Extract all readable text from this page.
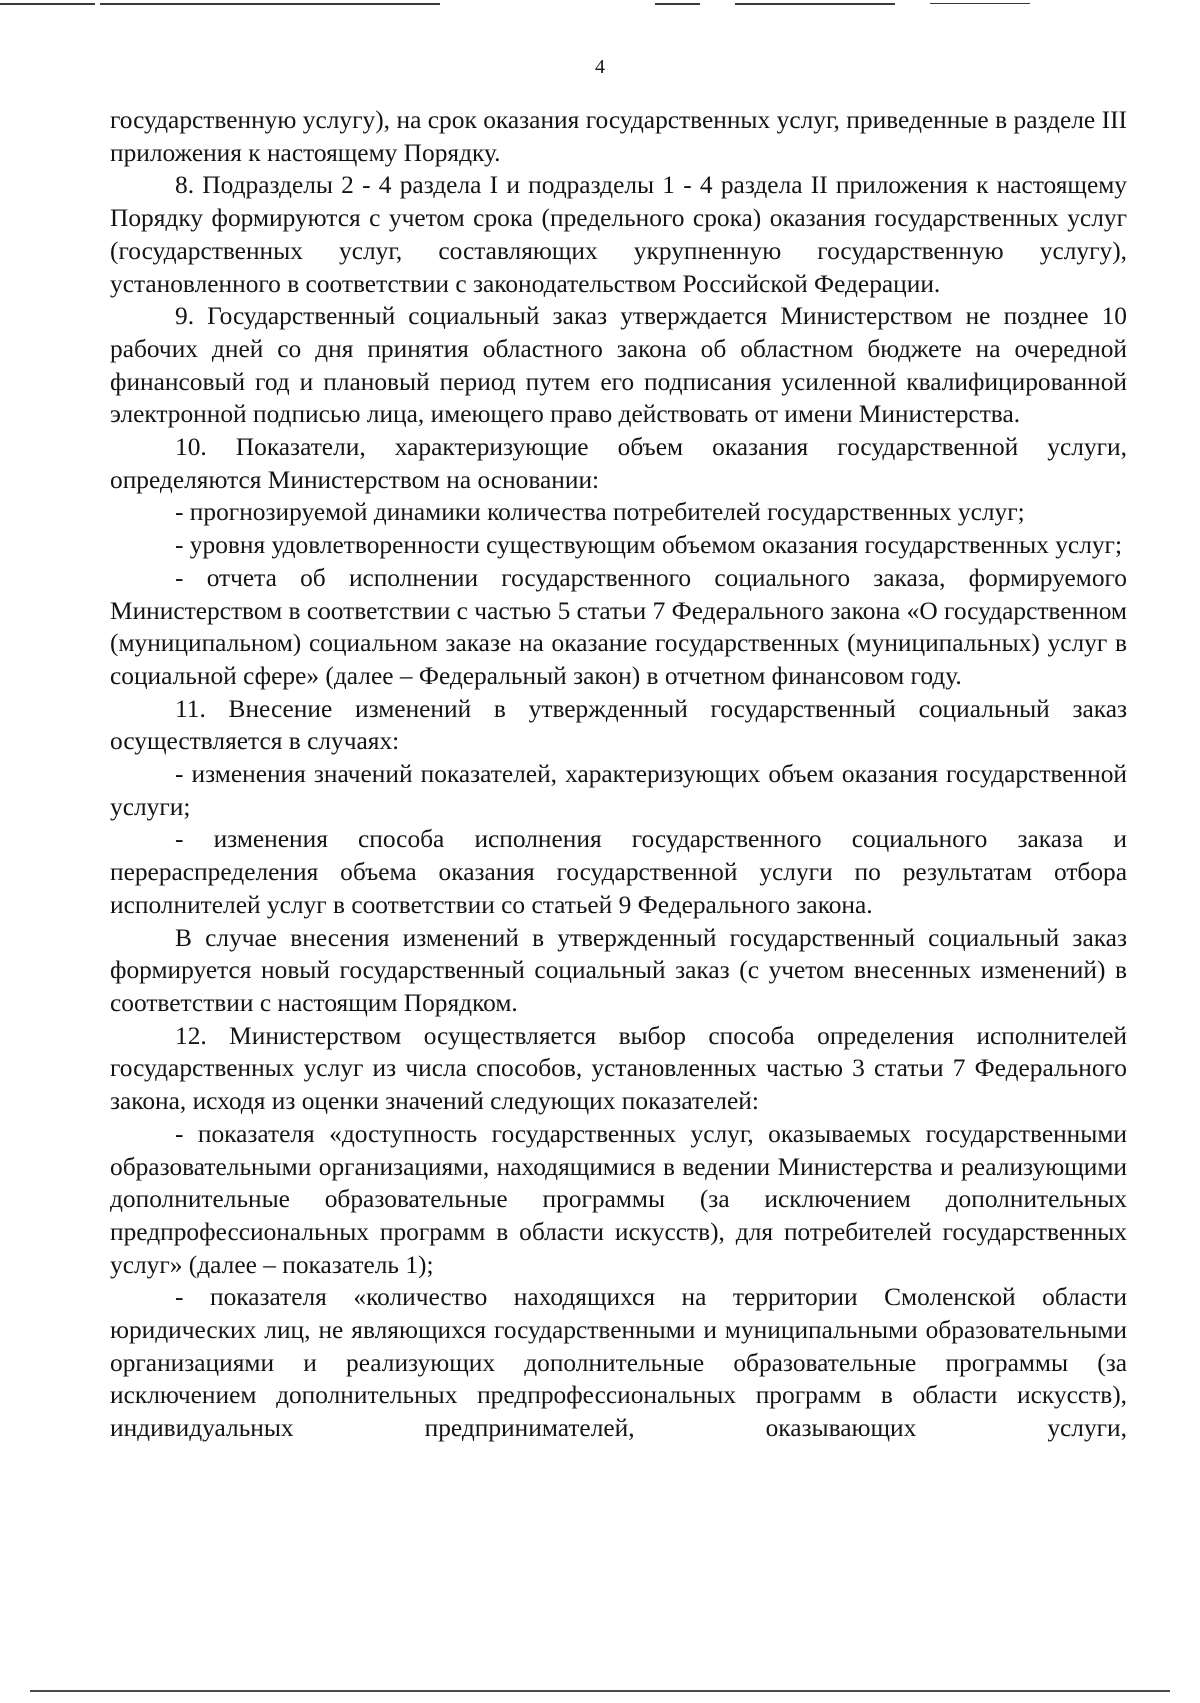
4

государственную услугу), на срок оказания государственных услуг, приведенные в разделе III приложения к настоящему Порядку.

8. Подразделы 2 - 4 раздела I и подразделы 1 - 4 раздела II приложения к настоящему Порядку формируются с учетом срока (предельного срока) оказания государственных услуг (государственных услуг, составляющих укрупненную государственную услугу), установленного в соответствии с законодательством Российской Федерации.

9. Государственный социальный заказ утверждается Министерством не позднее 10 рабочих дней со дня принятия областного закона об областном бюджете на очередной финансовый год и плановый период путем его подписания усиленной квалифицированной электронной подписью лица, имеющего право действовать от имени Министерства.

10. Показатели, характеризующие объем оказания государственной услуги, определяются Министерством на основании:

- прогнозируемой динамики количества потребителей государственных услуг;

- уровня удовлетворенности существующим объемом оказания государственных услуг;

- отчета об исполнении государственного социального заказа, формируемого Министерством в соответствии с частью 5 статьи 7 Федерального закона «О государственном (муниципальном) социальном заказе на оказание государственных (муниципальных) услуг в социальной сфере» (далее – Федеральный закон) в отчетном финансовом году.

11. Внесение изменений в утвержденный государственный социальный заказ осуществляется в случаях:

- изменения значений показателей, характеризующих объем оказания государственной услуги;

- изменения способа исполнения государственного социального заказа и перераспределения объема оказания государственной услуги по результатам отбора исполнителей услуг в соответствии со статьей 9 Федерального закона.

В случае внесения изменений в утвержденный государственный социальный заказ формируется новый государственный социальный заказ (с учетом внесенных изменений) в соответствии с настоящим Порядком.

12. Министерством осуществляется выбор способа определения исполнителей государственных услуг из числа способов, установленных частью 3 статьи 7 Федерального закона, исходя из оценки значений следующих показателей:

- показателя «доступность государственных услуг, оказываемых государственными образовательными организациями, находящимися в ведении Министерства и реализующими дополнительные образовательные программы (за исключением дополнительных предпрофессиональных программ в области искусств), для потребителей государственных услуг» (далее – показатель 1);

- показателя «количество находящихся на территории Смоленской области юридических лиц, не являющихся государственными и муниципальными образовательными организациями и реализующих дополнительные образовательные программы (за исключением дополнительных предпрофессиональных программ в области искусств), индивидуальных предпринимателей, оказывающих услуги,
